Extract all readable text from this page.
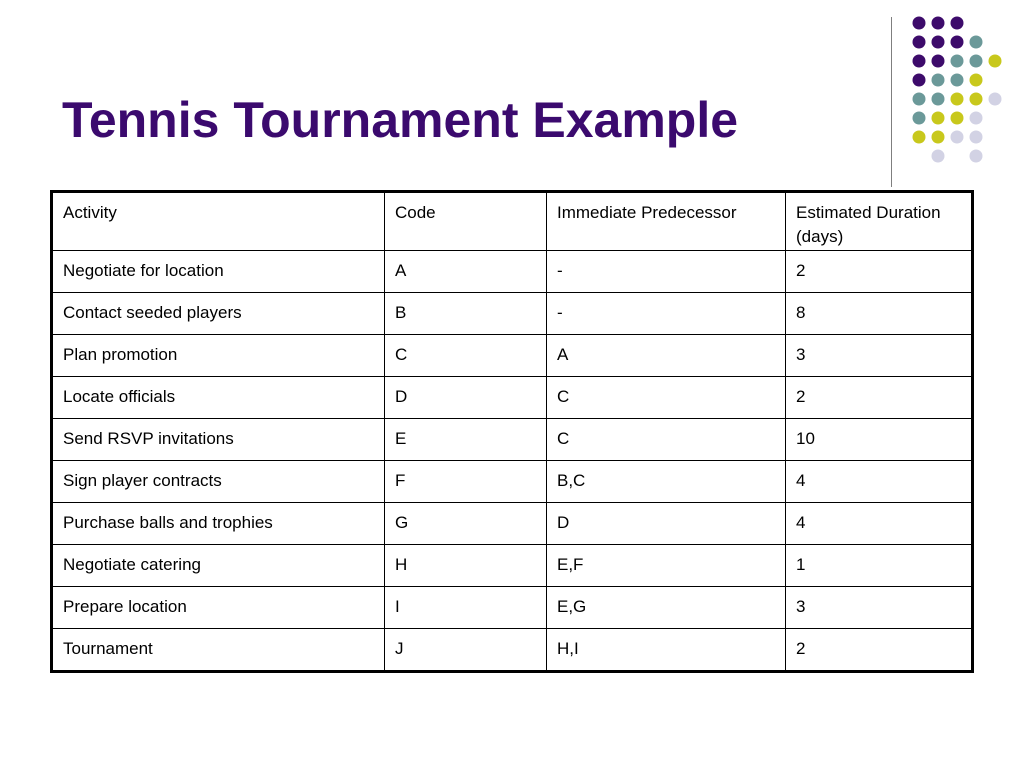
Tennis Tournament Example
Activity	Code	Immediate Predecessor	Estimated Duration (days)
Negotiate for location	A	-	2
Contact seeded players	B	-	8
Plan promotion	C	A	3
Locate officials	D	C	2
Send RSVP invitations	E	C	10
Sign player contracts	F	B,C	4
Purchase balls and trophies	G	D	4
Negotiate catering	H	E,F	1
Prepare location	I	E,G	3
Tournament	J	H,I	2
